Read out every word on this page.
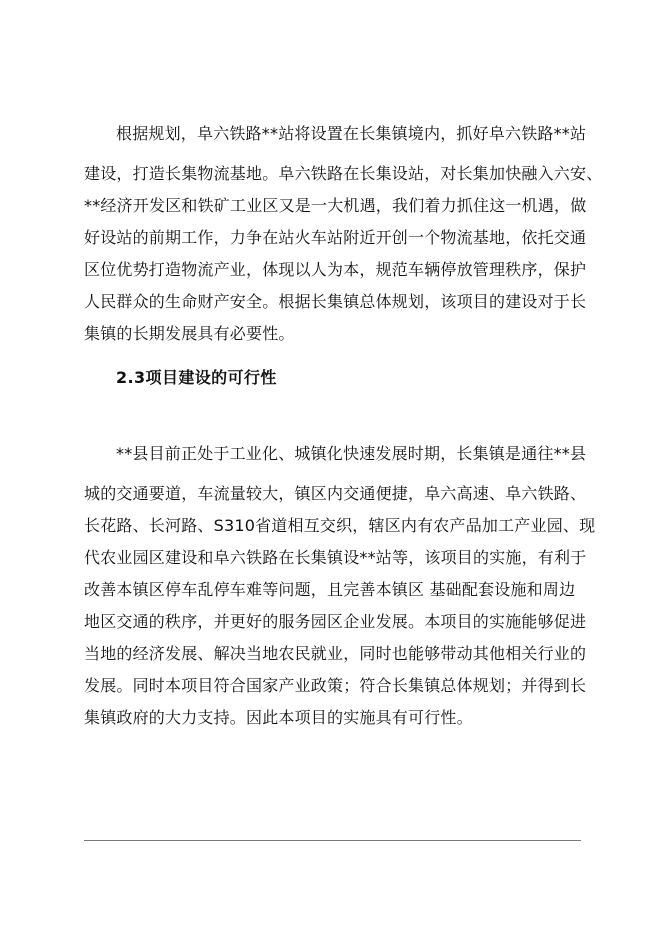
根据规划，阜六铁路**站将设置在长集镇境内，抓好阜六铁路**站
建设，打造长集物流基地。阜六铁路在长集设站，对长集加快融入六安、
**经济开发区和铁矿工业区又是一大机遇，我们着力抓住这一机遇，做
好设站的前期工作，力争在站火车站附近开创一个物流基地，依托交通
区位优势打造物流产业，体现以人为本，规范车辆停放管理秩序，保护
人民群众的生命财产安全。根据长集镇总体规划，该项目的建设对于长
集镇的长期发展具有必要性。
2.3项目建设的可行性
**县目前正处于工业化、城镇化快速发展时期，长集镇是通往**县
城的交通要道，车流量较大，镇区内交通便捷，阜六高速、阜六铁路、
长花路、长河路、S310省道相互交织，辖区内有农产品加工产业园、现
代农业园区建设和阜六铁路在长集镇设**站等，该项目的实施，有利于
改善本镇区停车乱停车难等问题，且完善本镇区 基础配套设施和周边
地区交通的秩序，并更好的服务园区企业发展。本项目的实施能够促进
当地的经济发展、解决当地农民就业，同时也能够带动其他相关行业的
发展。同时本项目符合国家产业政策；符合长集镇总体规划；并得到长
集镇政府的大力支持。因此本项目的实施具有可行性。
